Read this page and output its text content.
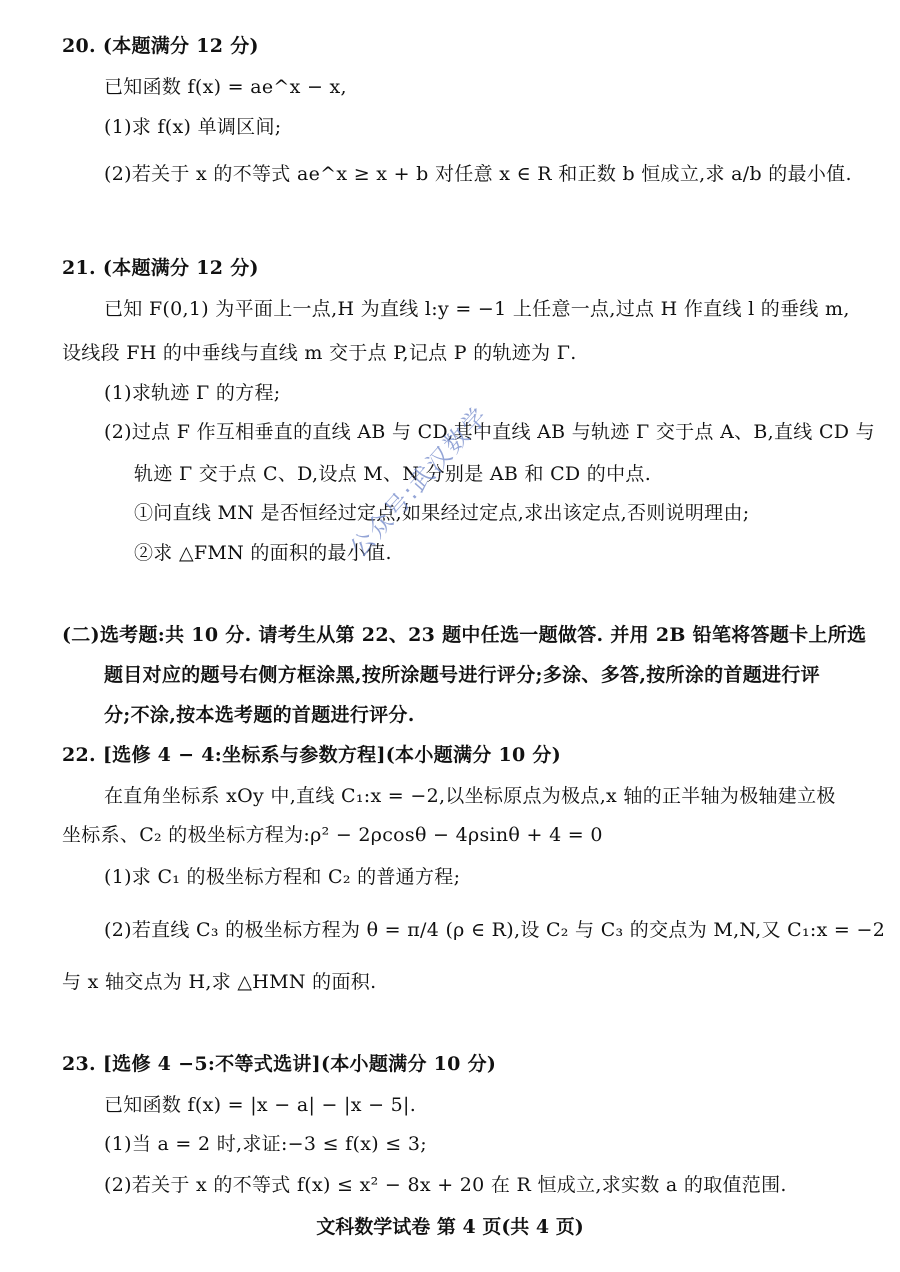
20. (本题满分 12 分)
已知函数 f(x) = ae^x − x,
(1)求 f(x) 单调区间;
(2)若关于 x 的不等式 ae^x ≥ x + b 对任意 x ∈ R 和正数 b 恒成立,求 a/b 的最小值.
21. (本题满分 12 分)
已知 F(0,1) 为平面上一点,H 为直线 l:y = −1 上任意一点,过点 H 作直线 l 的垂线 m,
设线段 FH 的中垂线与直线 m 交于点 P,记点 P 的轨迹为 Γ.
(1)求轨迹 Γ 的方程;
(2)过点 F 作互相垂直的直线 AB 与 CD,其中直线 AB 与轨迹 Γ 交于点 A、B,直线 CD 与
轨迹 Γ 交于点 C、D,设点 M、N 分别是 AB 和 CD 的中点.
①问直线 MN 是否恒经过定点,如果经过定点,求出该定点,否则说明理由;
②求 △FMN 的面积的最小值.
公众号:武汉数学
(二)选考题:共 10 分. 请考生从第 22、23 题中任选一题做答. 并用 2B 铅笔将答题卡上所选
题目对应的题号右侧方框涂黑,按所涂题号进行评分;多涂、多答,按所涂的首题进行评
分;不涂,按本选考题的首题进行评分.
22. [选修 4 − 4:坐标系与参数方程](本小题满分 10 分)
在直角坐标系 xOy 中,直线 C₁:x = −2,以坐标原点为极点,x 轴的正半轴为极轴建立极
坐标系、C₂ 的极坐标方程为:ρ² − 2ρcosθ − 4ρsinθ + 4 = 0
(1)求 C₁ 的极坐标方程和 C₂ 的普通方程;
(2)若直线 C₃ 的极坐标方程为 θ = π/4 (ρ ∈ R),设 C₂ 与 C₃ 的交点为 M,N,又 C₁:x = −2
与 x 轴交点为 H,求 △HMN 的面积.
23. [选修 4 −5:不等式选讲](本小题满分 10 分)
已知函数 f(x) = |x − a| − |x − 5|.
(1)当 a = 2 时,求证:−3 ≤ f(x) ≤ 3;
(2)若关于 x 的不等式 f(x) ≤ x² − 8x + 20 在 R 恒成立,求实数 a 的取值范围.
文科数学试卷 第 4 页(共 4 页)
